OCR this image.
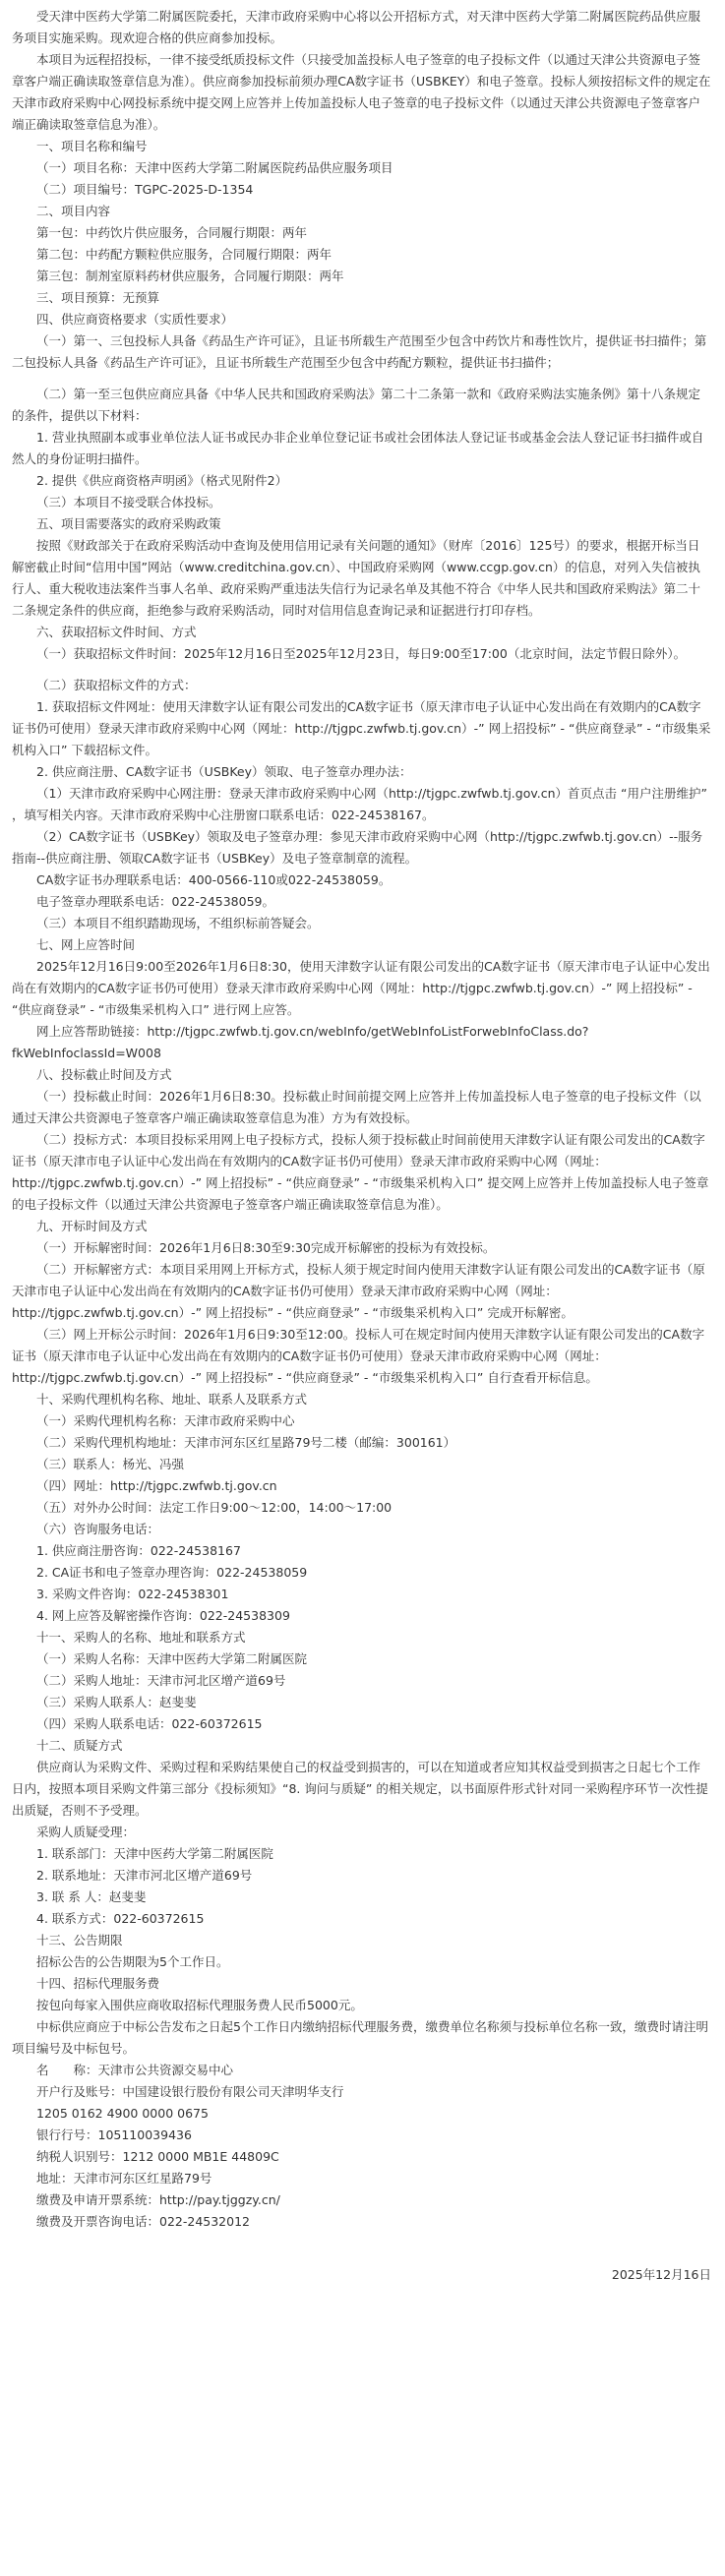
受天津中医药大学第二附属医院委托，天津市政府采购中心将以公开招标方式，对天津中医药大学第二附属医院药品供应服务项目实施采购。现欢迎合格的供应商参加投标。

本项目为远程招投标，一律不接受纸质投标文件（只接受加盖投标人电子签章的电子投标文件（以通过天津公共资源电子签章客户端正确读取签章信息为准）。供应商参加投标前须办理CA数字证书（USBKEY）和电子签章。投标人须按招标文件的规定在天津市政府采购中心网投标系统中提交网上应答并上传加盖投标人电子签章的电子投标文件（以通过天津公共资源电子签章客户端正确读取签章信息为准）。

一、项目名称和编号

（一）项目名称：天津中医药大学第二附属医院药品供应服务项目

（二）项目编号：TGPC-2025-D-1354

二、项目内容

第一包：中药饮片供应服务，合同履行期限：两年

第二包：中药配方颗粒供应服务，合同履行期限：两年

第三包：制剂室原料药材供应服务，合同履行期限：两年

三、项目预算：无预算

四、供应商资格要求（实质性要求）

（一）第一、三包投标人具备《药品生产许可证》，且证书所载生产范围至少包含中药饮片和毒性饮片，提供证书扫描件；第二包投标人具备《药品生产许可证》，且证书所载生产范围至少包含中药配方颗粒，提供证书扫描件；

（二）第一至三包供应商应具备《中华人民共和国政府采购法》第二十二条第一款和《政府采购法实施条例》第十八条规定的条件，提供以下材料：

1. 营业执照副本或事业单位法人证书或民办非企业单位登记证书或社会团体法人登记证书或基金会法人登记证书扫描件或自然人的身份证明扫描件。

2. 提供《供应商资格声明函》（格式见附件2）

（三）本项目不接受联合体投标。

五、项目需要落实的政府采购政策

按照《财政部关于在政府采购活动中查询及使用信用记录有关问题的通知》（财库〔2016〕125号）的要求，根据开标当日解密截止时间“信用中国”网站（www.creditchina.gov.cn）、中国政府采购网（www.ccgp.gov.cn）的信息，对列入失信被执行人、重大税收违法案件当事人名单、政府采购严重违法失信行为记录名单及其他不符合《中华人民共和国政府采购法》第二十二条规定条件的供应商，拒绝参与政府采购活动，同时对信用信息查询记录和证据进行打印存档。

六、获取招标文件时间、方式

（一）获取招标文件时间：2025年12月16日至2025年12月23日，每日9:00至17:00（北京时间，法定节假日除外）。

（二）获取招标文件的方式：

1. 获取招标文件网址：使用天津数字认证有限公司发出的CA数字证书（原天津市电子认证中心发出尚在有效期内的CA数字证书仍可使用）登录天津市政府采购中心网（网址：http://tjgpc.zwfwb.tj.gov.cn）-” 网上招投标” - “供应商登录” - “市级集采机构入口” 下载招标文件。

2. 供应商注册、CA数字证书（USBKey）领取、电子签章办理办法：

（1）天津市政府采购中心网注册：登录天津市政府采购中心网（http://tjgpc.zwfwb.tj.gov.cn）首页点击 “用户注册维护” ，填写相关内容。天津市政府采购中心注册窗口联系电话：022-24538167。

（2）CA数字证书（USBKey）领取及电子签章办理：参见天津市政府采购中心网（http://tjgpc.zwfwb.tj.gov.cn）--服务指南--供应商注册、领取CA数字证书（USBKey）及电子签章制章的流程。

CA数字证书办理联系电话：400-0566-110或022-24538059。

电子签章办理联系电话：022-24538059。

（三）本项目不组织踏勘现场，不组织标前答疑会。

七、网上应答时间

2025年12月16日9:00至2026年1月6日8:30，使用天津数字认证有限公司发出的CA数字证书（原天津市电子认证中心发出尚在有效期内的CA数字证书仍可使用）登录天津市政府采购中心网（网址：http://tjgpc.zwfwb.tj.gov.cn）-” 网上招投标” - “供应商登录” - “市级集采机构入口” 进行网上应答。

网上应答帮助链接：http://tjgpc.zwfwb.tj.gov.cn/webInfo/getWebInfoListForwebInfoClass.do?fkWebInfoclassId=W008

八、投标截止时间及方式

（一）投标截止时间：2026年1月6日8:30。投标截止时间前提交网上应答并上传加盖投标人电子签章的电子投标文件（以通过天津公共资源电子签章客户端正确读取签章信息为准）方为有效投标。

（二）投标方式：本项目投标采用网上电子投标方式，投标人须于投标截止时间前使用天津数字认证有限公司发出的CA数字证书（原天津市电子认证中心发出尚在有效期内的CA数字证书仍可使用）登录天津市政府采购中心网（网址：http://tjgpc.zwfwb.tj.gov.cn）-” 网上招投标” - “供应商登录” - “市级集采机构入口” 提交网上应答并上传加盖投标人电子签章的电子投标文件（以通过天津公共资源电子签章客户端正确读取签章信息为准）。

九、开标时间及方式

（一）开标解密时间：2026年1月6日8:30至9:30完成开标解密的投标为有效投标。

（二）开标解密方式：本项目采用网上开标方式，投标人须于规定时间内使用天津数字认证有限公司发出的CA数字证书（原天津市电子认证中心发出尚在有效期内的CA数字证书仍可使用）登录天津市政府采购中心网（网址：http://tjgpc.zwfwb.tj.gov.cn）-” 网上招投标” - “供应商登录” - “市级集采机构入口” 完成开标解密。

（三）网上开标公示时间：2026年1月6日9:30至12:00。投标人可在规定时间内使用天津数字认证有限公司发出的CA数字证书（原天津市电子认证中心发出尚在有效期内的CA数字证书仍可使用）登录天津市政府采购中心网（网址：http://tjgpc.zwfwb.tj.gov.cn）-” 网上招投标” - “供应商登录” - “市级集采机构入口” 自行查看开标信息。

十、采购代理机构名称、地址、联系人及联系方式

（一）采购代理机构名称：天津市政府采购中心

（二）采购代理机构地址：天津市河东区红星路79号二楼（邮编：300161）

（三）联系人：杨光、冯强

（四）网址：http://tjgpc.zwfwb.tj.gov.cn

（五）对外办公时间：法定工作日9:00～12:00，14:00～17:00

（六）咨询服务电话：

1. 供应商注册咨询：022-24538167

2. CA证书和电子签章办理咨询：022-24538059

3. 采购文件咨询：022-24538301

4. 网上应答及解密操作咨询：022-24538309

十一、采购人的名称、地址和联系方式

（一）采购人名称：天津中医药大学第二附属医院

（二）采购人地址：天津市河北区增产道69号

（三）采购人联系人：赵斐斐

（四）采购人联系电话：022-60372615

十二、质疑方式

供应商认为采购文件、采购过程和采购结果使自己的权益受到损害的，可以在知道或者应知其权益受到损害之日起七个工作日内，按照本项目采购文件第三部分《投标须知》“8. 询问与质疑” 的相关规定，以书面原件形式针对同一采购程序环节一次性提出质疑，否则不予受理。

采购人质疑受理：

1. 联系部门：天津中医药大学第二附属医院

2. 联系地址：天津市河北区增产道69号

3. 联 系 人：赵斐斐

4. 联系方式：022-60372615

十三、公告期限

招标公告的公告期限为5个工作日。

十四、招标代理服务费

按包向每家入围供应商收取招标代理服务费人民币5000元。

中标供应商应于中标公告发布之日起5个工作日内缴纳招标代理服务费，缴费单位名称须与投标单位名称一致，缴费时请注明项目编号及中标包号。

名　　称：天津市公共资源交易中心

开户行及账号：中国建设银行股份有限公司天津明华支行

1205 0162 4900 0000 0675

银行行号：105110039436

纳税人识别号：1212 0000 MB1E 44809C

地址：天津市河东区红星路79号

缴费及申请开票系统：http://pay.tjggzy.cn/

缴费及开票咨询电话：022-24532012

2025年12月16日
